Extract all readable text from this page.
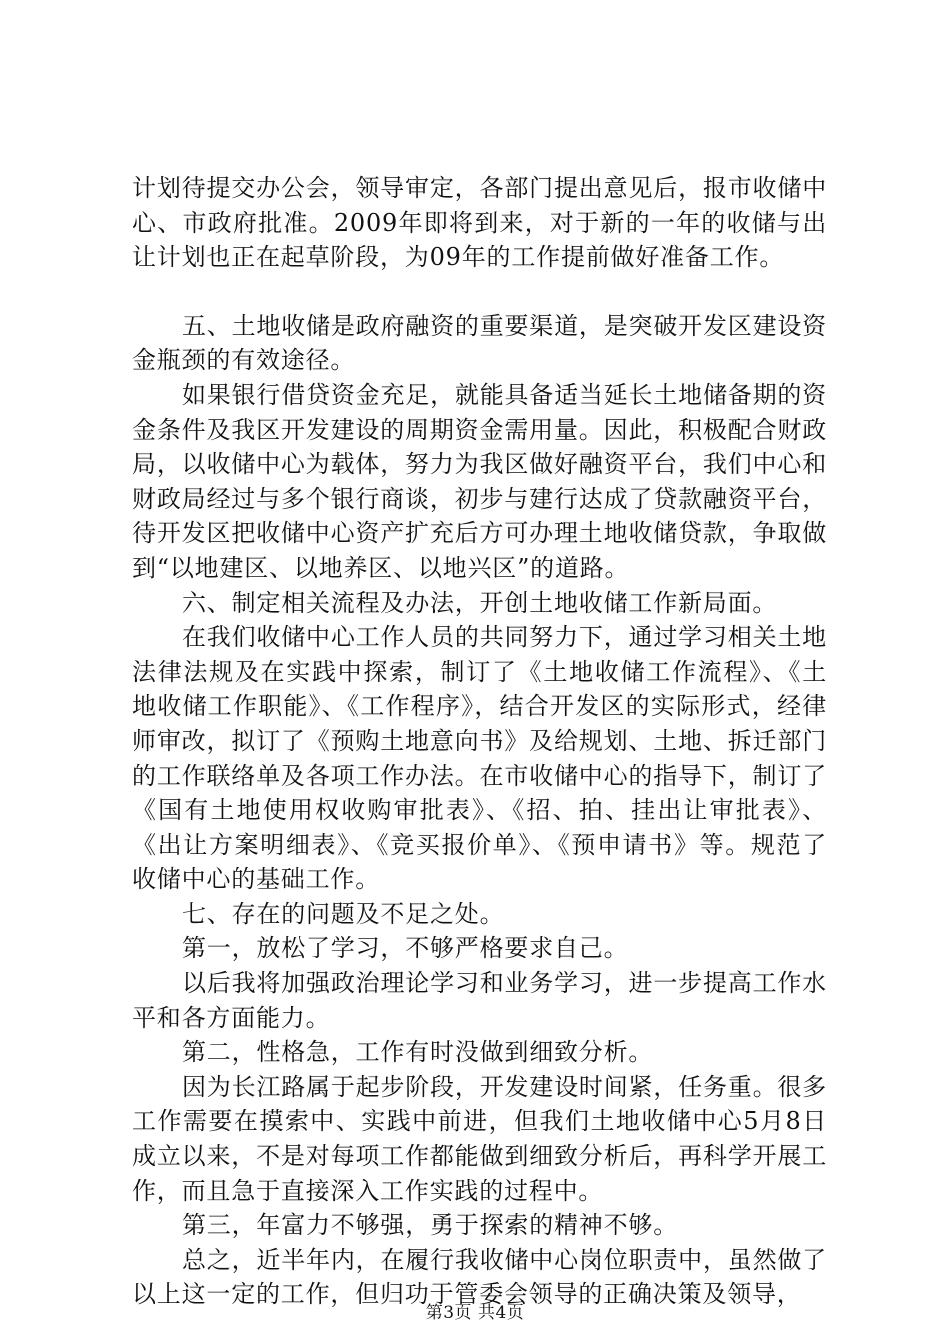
计划待提交办公会，领导审定，各部门提出意见后，报市收储中心、市政府批准。2009年即将到来，对于新的一年的收储与出让计划也正在起草阶段，为09年的工作提前做好准备工作。

五、土地收储是政府融资的重要渠道，是突破开发区建设资金瓶颈的有效途径。

如果银行借贷资金充足，就能具备适当延长土地储备期的资金条件及我区开发建设的周期资金需用量。因此，积极配合财政局，以收储中心为载体，努力为我区做好融资平台，我们中心和财政局经过与多个银行商谈，初步与建行达成了贷款融资平台，待开发区把收储中心资产扩充后方可办理土地收储贷款，争取做到“以地建区、以地养区、以地兴区”的道路。

六、制定相关流程及办法，开创土地收储工作新局面。

在我们收储中心工作人员的共同努力下，通过学习相关土地法律法规及在实践中探索，制订了《土地收储工作流程》、《土地收储工作职能》、《工作程序》，结合开发区的实际形式，经律师审改，拟订了《预购土地意向书》及给规划、土地、拆迁部门的工作联络单及各项工作办法。在市收储中心的指导下，制订了《国有土地使用权收购审批表》、《招、拍、挂出让审批表》、《出让方案明细表》、《竞买报价单》、《预申请书》等。规范了收储中心的基础工作。

七、存在的问题及不足之处。

第一，放松了学习，不够严格要求自己。

以后我将加强政治理论学习和业务学习，进一步提高工作水平和各方面能力。

第二，性格急，工作有时没做到细致分析。

因为长江路属于起步阶段，开发建设时间紧，任务重。很多工作需要在摸索中、实践中前进，但我们土地收储中心5月8日成立以来，不是对每项工作都能做到细致分析后，再科学开展工作，而且急于直接深入工作实践的过程中。

第三，年富力不够强，勇于探索的精神不够。

总之，近半年内，在履行我收储中心岗位职责中，虽然做了以上这一定的工作，但归功于管委会领导的正确决策及领导，

第3页 共4页
